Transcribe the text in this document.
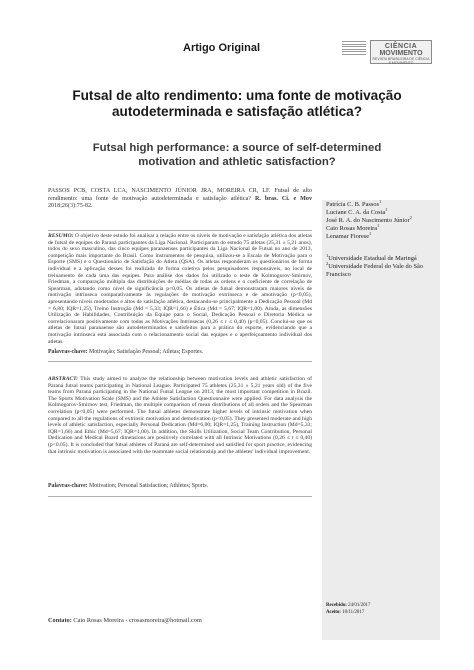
Artigo Original	CIÊNCIA
MOVIMENTO
REVISTA BRASILEIRA DE CIÊNCIA E MOVIMENTO
Futsal de alto rendimento: uma fonte de motivação
autodeterminada e satisfação atlética?
Futsal high performance: a source of self-determined
motivation and athletic satisfaction?
PASSOS PCB, COSTA LCA, NASCIMENTO JÚNIOR JRA, MOREIRA CR, LF. Futsal de alto rendimento: uma fonte de motivação autodeterminada e satisfação atlética? R. bras. Ci. e Mov 2018;26(3):75-82.	Patrícia C. B. Passos$^1$
Luciane C. A. da Costa$^1$
José R. A. do Nascimento Júnior$^2$
Caio Rosas Moreira$^1$
Lenamar Fiorese$^1$
$^1$Universidade Estadual de Maringá
$^2$Universidade Federal do Vale do São Francisco
Recebido: 24/01/2017
Aceito: 10/11/2017
RESUMO: O objetivo deste estudo foi analisar a relação entre os níveis de motivação e satisfação atlética dos atletas de futsal de equipes do Paraná participantes da Liga Nacional. Participaram do estudo 75 atletas (25,31 ± 5,21 anos), todos do sexo masculino, das cinco equipes paranaenses participantes da Liga Nacional de Futsal no ano de 2013, competição mais importante do Brasil. Como instrumentos de pesquisa, utilizou-se a Escala de Motivação para o Esporte (SMS) e o Questionário de Satisfação do Atleta (QSA). Os atletas responderam os questionários de forma individual e a aplicação desses foi realizada de forma coletiva pelos pesquisadores responsáveis, no local de treinamento de cada uma das equipes. Para análise dos dados foi utilizado o teste de Kolmogorov-Smirnov, Friedman, a comparação múltipla das distribuições de médias de todas as ordens e o coeficiente de correlação de Spearman, adotando como nível de significância p<0,05. Os atletas de futsal demonstraram maiores níveis de motivação intrínseca comparativamente às regulações de motivação extrínseca e de amotivação (p<0,05), apresentando níveis moderados e altos de satisfação atlética, destacando-se principalmente a Dedicação Pessoal (Md = 6,80; IQR=1,25), Treino Instrução (Md = 5,33; IQR=1,66) e Ética (Md = 5,67; IQR=1,00). Ainda, as dimensões Utilização de Habilidades, Contribuição da Equipe para o Social, Dedicação Pessoal e Diretoria Médica se correlacionaram positivamente com todas as Motivações Intrínsecas (0,26 ≤ r ≤ 0,40) (p<0,05). Conclui-se que os atletas de futsal paranaense são autodeterminados e satisfeitos para a prática do esporte, evidenciando que a motivação intrínseca está associada com o relacionamento social das equipes e o aperfeiçoamento individual dos atletas.
Palavras-chave: Motivação; Satisfação Pessoal; Atletas; Esportes.
ABSTRACT: This study aimed to analyze the relationship between motivation levels and athletic satisfaction of Paraná futsal teams participating in National League. Participated 75 athletes (25,31 ± 5,21 years old) of the five teams from Paraná participating in the National Futsal League on 2013, the most important competition in Brazil. The Sports Motivation Scale (SMS) and the Athlete Satisfaction Questionnaire were applied. For data analysis the Kolmogorov-Smirnov test, Friedman, the multiple comparison of mean distributions of all orders and the Spearman correlation (p<0,05) were performed. The futsal athletes demonstrate higher levels of intrinsic motivation when compared to all the regulations of extrinsic motivation and demotivation (p<0,05). They presented moderate and high levels of athletic satisfaction, especially Personal Dedication (Md=6,00; IQR=1,25), Training Instruction (Md=5,33; IQR=1,66) and Ethic (Md=5,67; IQR=1,00). In addition, the Skills Utilization, Social Team Contribution, Personal Dedication and Medical Board dimensions are positively correlated with all Intrinsic Motivations (0,26 ≤ r ≤ 0,40) (p<0.05). It is concluded that futsal athletes of Paraná are self-determined and satisfied for sport practice, evidencing that intrinsic motivation is associated with the teammate social relationship and the athletes' individual improvement.
Palavras-chave: Motivation; Personal Satisfaction; Athletes; Sports.
Contato: Caio Rosas Moreira - crosasmoreira@hotmail.com
